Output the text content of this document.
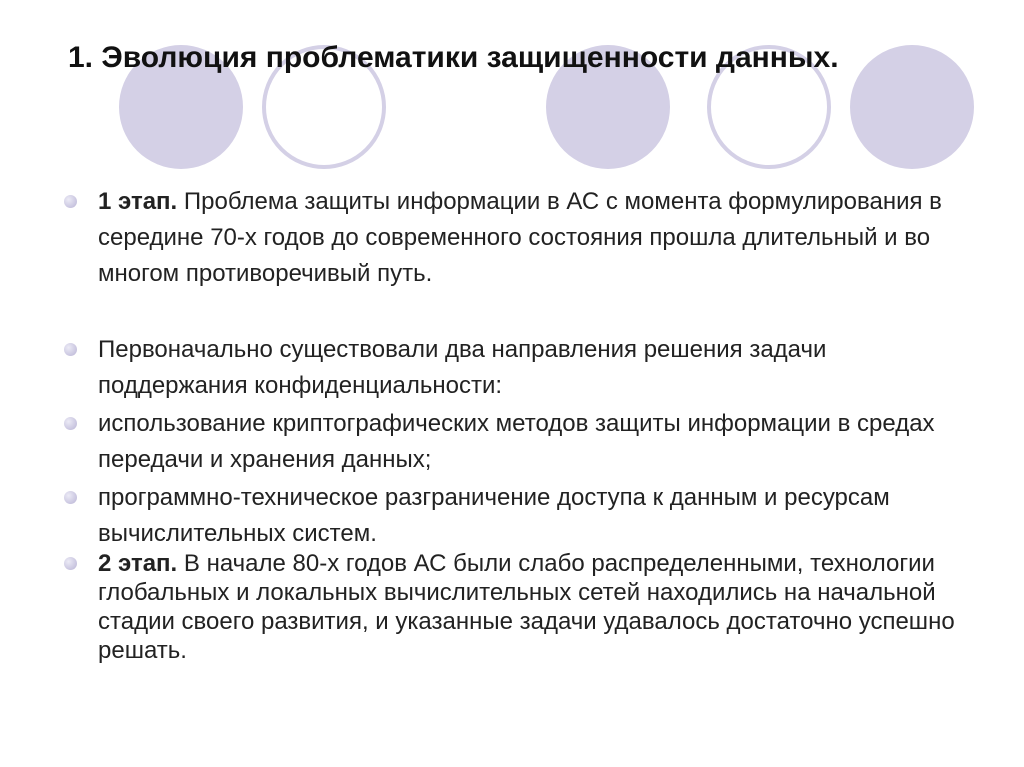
1. Эволюция проблематики защищенности данных.
1 этап. Проблема защиты информации в АС с момента формулирования в середине 70-х годов до современного состояния прошла длительный и во многом противоречивый путь.
Первоначально существовали два направления решения задачи поддержания конфиденциальности:
использование криптографических методов защиты информации в средах передачи и хранения данных;
программно-техническое разграничение доступа к данным и ресурсам вычислительных систем.
2 этап. В начале 80-х годов АС были слабо распределенными, технологии глобальных и локальных вычислительных сетей находились на начальной стадии своего развития, и указанные задачи удавалось достаточно успешно решать.
